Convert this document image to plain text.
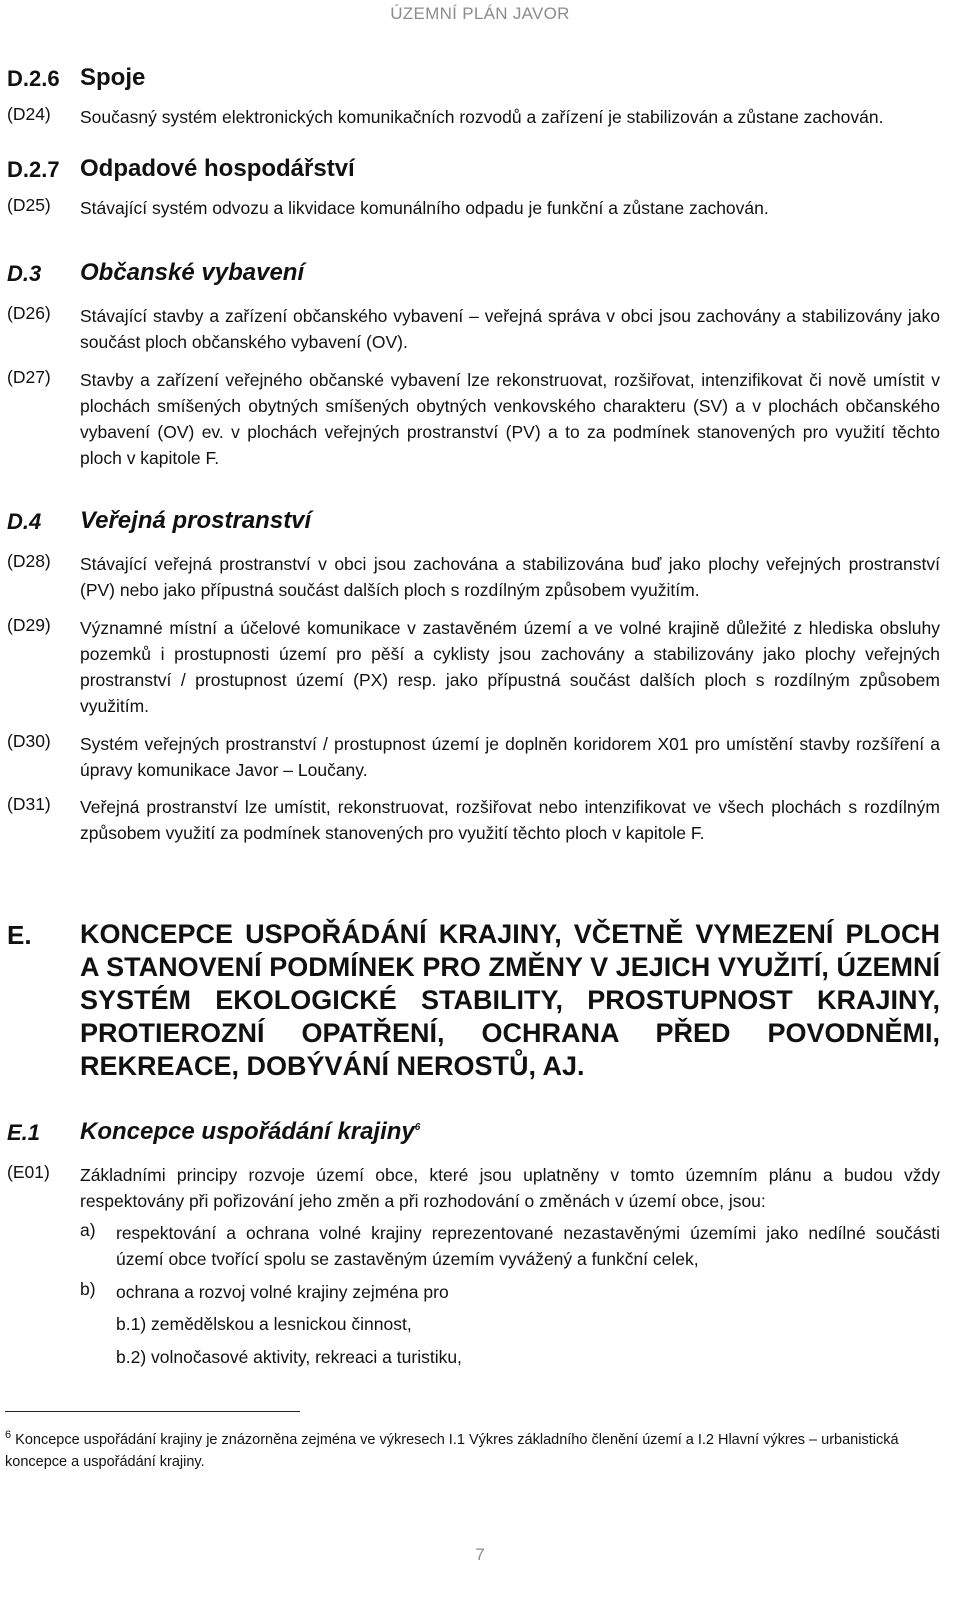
ÚZEMNÍ PLÁN JAVOR
D.2.6 Spoje
(D24) Současný systém elektronických komunikačních rozvodů a zařízení je stabilizován a zůstane zachován.
D.2.7 Odpadové hospodářství
(D25) Stávající systém odvozu a likvidace komunálního odpadu je funkční a zůstane zachován.
D.3 Občanské vybavení
(D26) Stávající stavby a zařízení občanského vybavení – veřejná správa v obci jsou zachovány a stabilizovány jako součást ploch občanského vybavení (OV).
(D27) Stavby a zařízení veřejného občanské vybavení lze rekonstruovat, rozšiřovat, intenzifikovat či nově umístit v plochách smíšených obytných smíšených obytných venkovského charakteru (SV) a v plochách občanského vybavení (OV) ev. v plochách veřejných prostranství (PV) a to za podmínek stanovených pro využití těchto ploch v kapitole F.
D.4 Veřejná prostranství
(D28) Stávající veřejná prostranství v obci jsou zachována a stabilizována buď jako plochy veřejných prostranství (PV) nebo jako přípustná součást dalších ploch s rozdílným způsobem využitím.
(D29) Významné místní a účelové komunikace v zastavěném území a ve volné krajině důležité z hlediska obsluhy pozemků i prostupnosti území pro pěší a cyklisty jsou zachovány a stabilizovány jako plochy veřejných prostranství / prostupnost území (PX) resp. jako přípustná součást dalších ploch s rozdílným způsobem využitím.
(D30) Systém veřejných prostranství / prostupnost území je doplněn koridorem X01 pro umístění stavby rozšíření a úpravy komunikace Javor – Loučany.
(D31) Veřejná prostranství lze umístit, rekonstruovat, rozšiřovat nebo intenzifikovat ve všech plochách s rozdílným způsobem využití za podmínek stanovených pro využití těchto ploch v kapitole F.
E. KONCEPCE USPOŘÁDÁNÍ KRAJINY, VČETNĚ VYMEZENÍ PLOCH A STANOVENÍ PODMÍNEK PRO ZMĚNY V JEJICH VYUŽITÍ, ÚZEMNÍ SYSTÉM EKOLOGICKÉ STABILITY, PROSTUPNOST KRAJINY, PROTIEROZNÍ OPATŘENÍ, OCHRANA PŘED POVODNĚMI, REKREACE, DOBÝVÁNÍ NEROSTŮ, AJ.
E.1 Koncepce uspořádání krajiny$^6$
(E01) Základními principy rozvoje území obce, které jsou uplatněny v tomto územním plánu a budou vždy respektovány při pořizování jeho změn a při rozhodování o změnách v území obce, jsou:
a) respektování a ochrana volné krajiny reprezentované nezastavěnými územími jako nedílné součásti území obce tvořící spolu se zastavěným územím vyvážený a funkční celek,
b) ochrana a rozvoj volné krajiny zejména pro
b.1) zemědělskou a lesnickou činnost,
b.2) volnočasové aktivity, rekreaci a turistiku,
$^6$ Koncepce uspořádání krajiny je znázorněna zejména ve výkresech I.1 Výkres základního členění území a I.2 Hlavní výkres – urbanistická koncepce a uspořádání krajiny.
7
